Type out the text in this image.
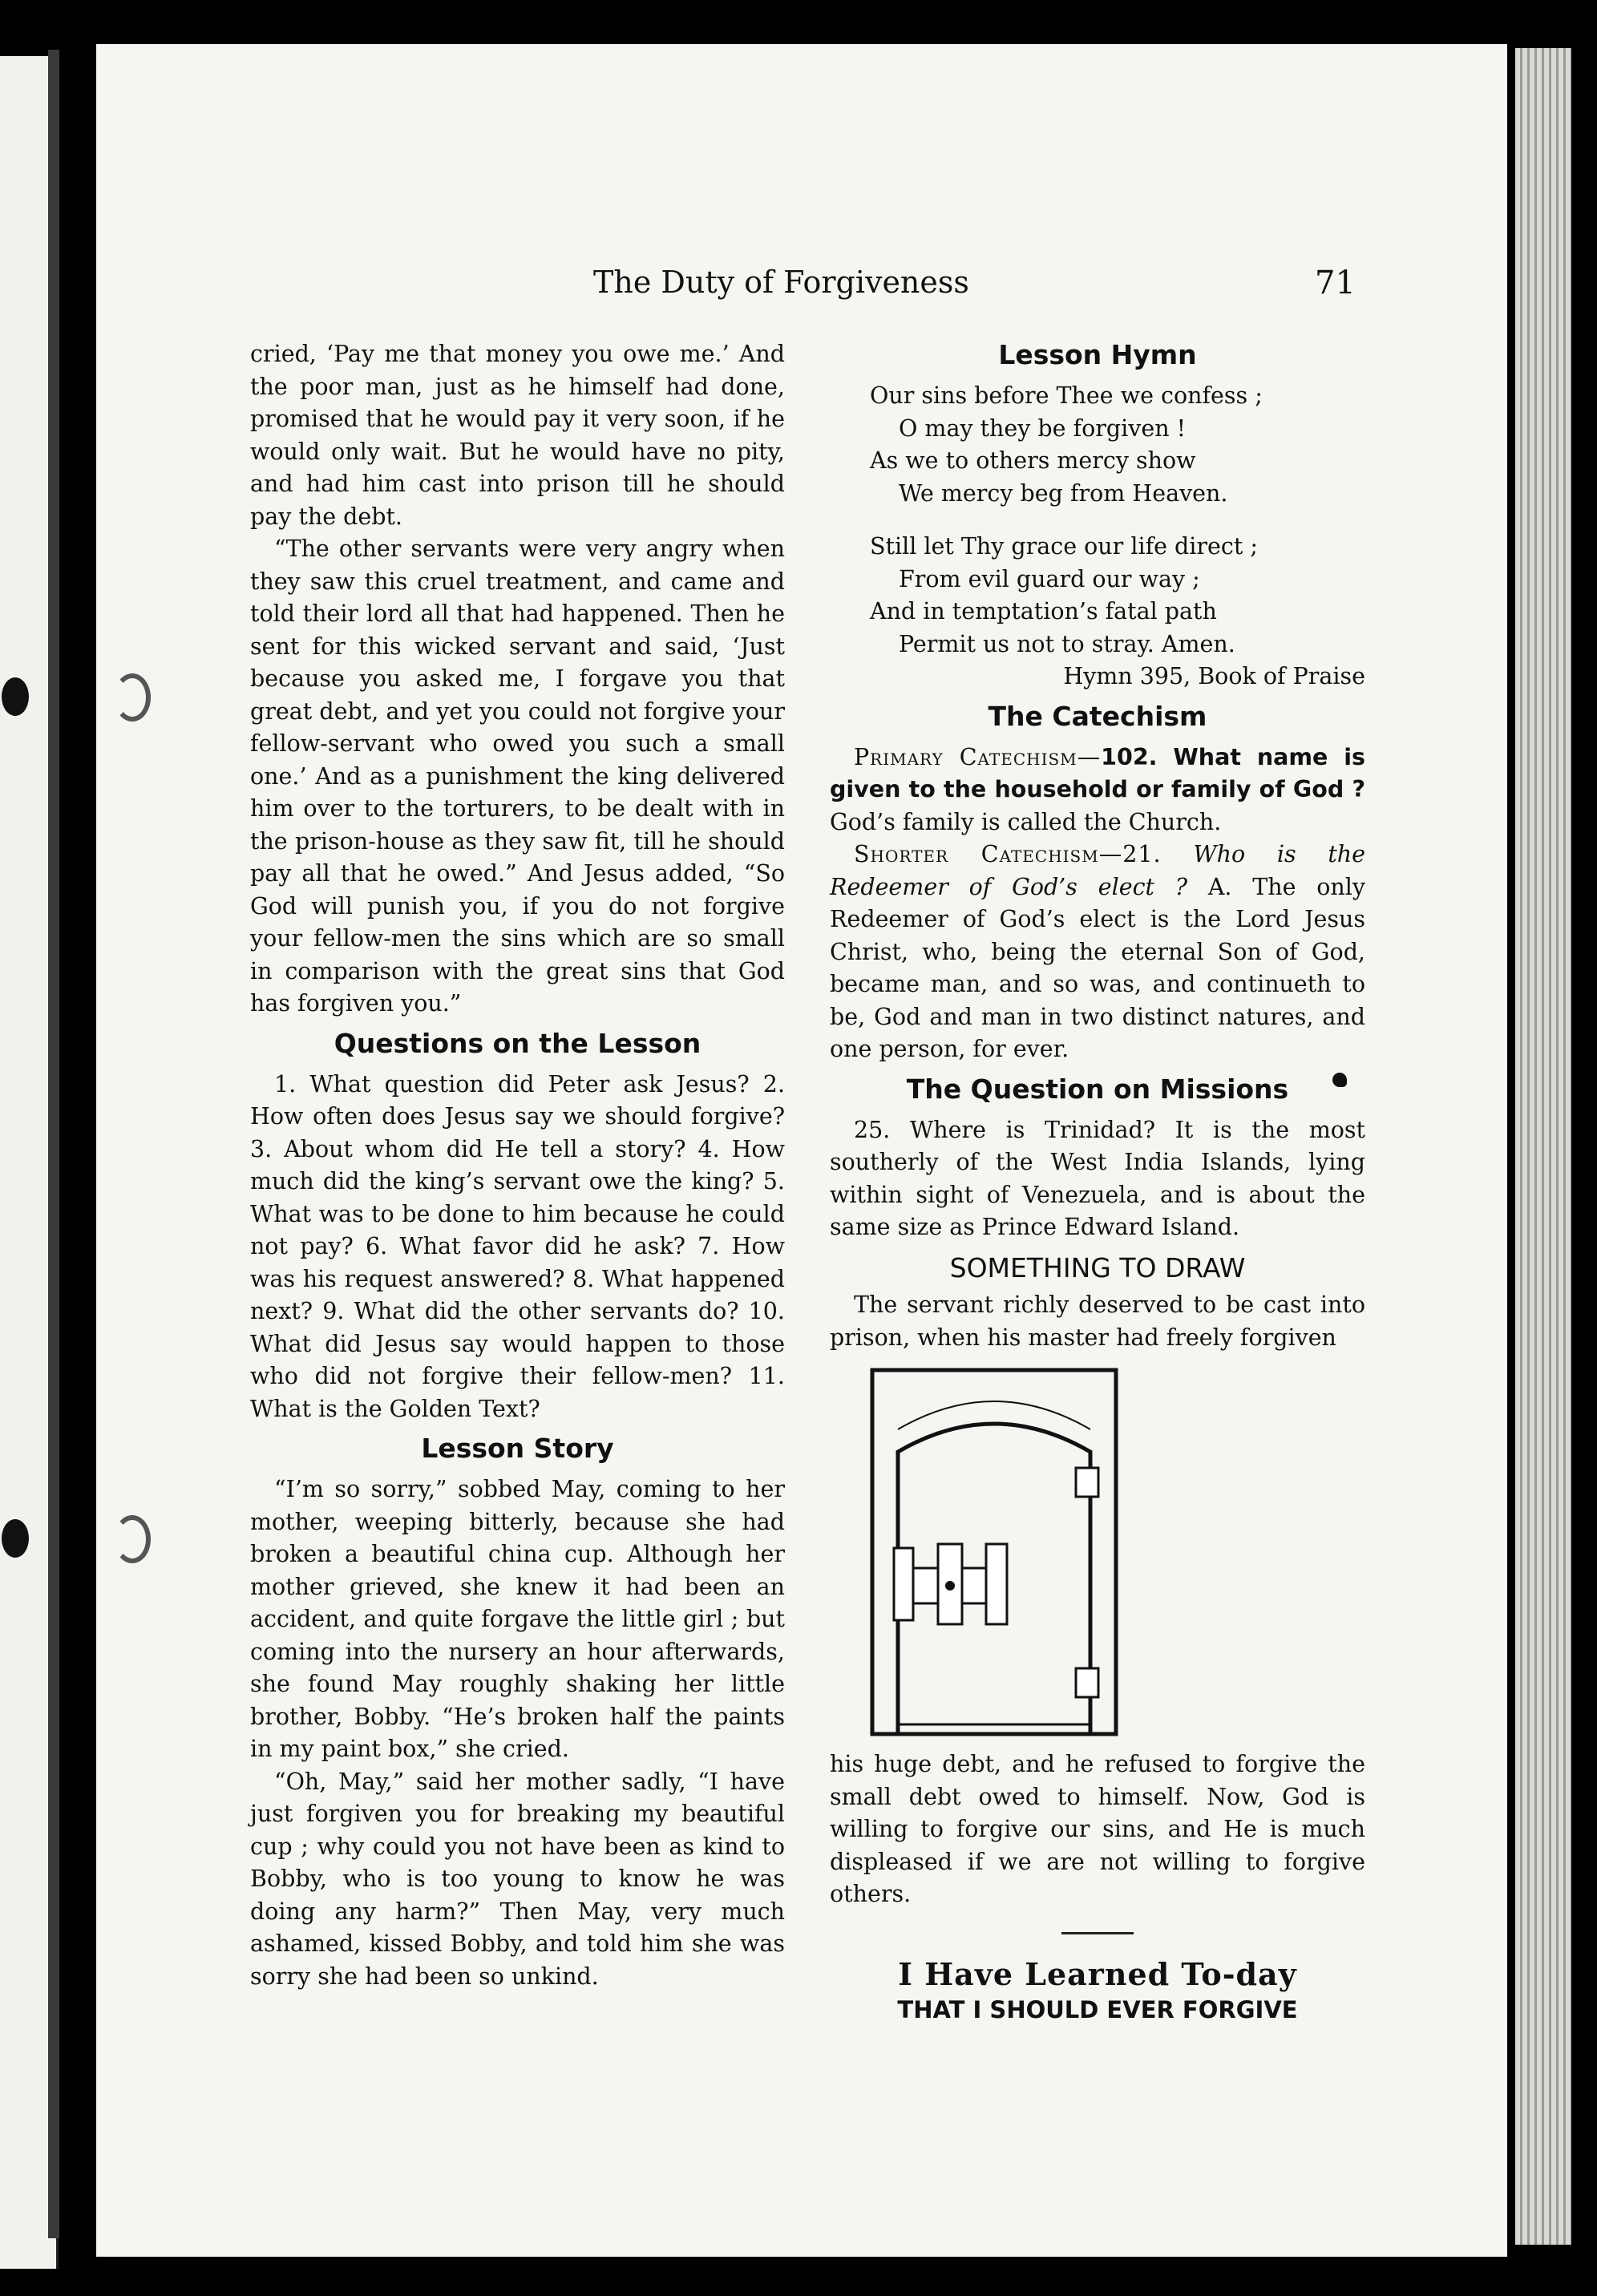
The Duty of Forgiveness	71

cried, ‘Pay me that money you owe me.’ And the poor man, just as he himself had done, promised that he would pay it very soon, if he would only wait. But he would have no pity, and had him cast into prison till he should pay the debt.

“The other servants were very angry when they saw this cruel treatment, and came and told their lord all that had happened. Then he sent for this wicked servant and said, ‘Just because you asked me, I forgave you that great debt, and yet you could not forgive your fellow-servant who owed you such a small one.’ And as a punishment the king delivered him over to the torturers, to be dealt with in the prison-house as they saw fit, till he should pay all that he owed.” And Jesus added, “So God will punish you, if you do not forgive your fellow-men the sins which are so small in comparison with the great sins that God has forgiven you.”

Questions on the Lesson

1. What question did Peter ask Jesus? 2. How often does Jesus say we should forgive? 3. About whom did He tell a story? 4. How much did the king’s servant owe the king? 5. What was to be done to him because he could not pay? 6. What favor did he ask? 7. How was his request answered? 8. What happened next? 9. What did the other servants do? 10. What did Jesus say would happen to those who did not forgive their fellow-men? 11. What is the Golden Text?

Lesson Story

“I’m so sorry,” sobbed May, coming to her mother, weeping bitterly, because she had broken a beautiful china cup. Although her mother grieved, she knew it had been an accident, and quite forgave the little girl ; but coming into the nursery an hour afterwards, she found May roughly shaking her little brother, Bobby. “He’s broken half the paints in my paint box,” she cried.

“Oh, May,” said her mother sadly, “I have just forgiven you for breaking my beautiful cup ; why could you not have been as kind to Bobby, who is too young to know he was doing any harm?” Then May, very much ashamed, kissed Bobby, and told him she was sorry she had been so unkind.

Lesson Hymn
Our sins before Thee we confess ;
O may they be forgiven !
As we to others mercy show
We mercy beg from Heaven.
Still let Thy grace our life direct ;
From evil guard our way ;
And in temptation’s fatal path
Permit us not to stray. Amen.

Hymn 395, Book of Praise

The Catechism

Primary Catechism—102. What name is given to the household or family of God ? God’s family is called the Church.

Shorter Catechism—21. Who is the Redeemer of God’s elect ? A. The only Redeemer of God’s elect is the Lord Jesus Christ, who, being the eternal Son of God, became man, and so was, and continueth to be, God and man in two distinct natures, and one person, for ever.

The Question on Missions

25. Where is Trinidad? It is the most southerly of the West India Islands, lying within sight of Venezuela, and is about the same size as Prince Edward Island.

SOMETHING TO DRAW

The servant richly deserved to be cast into prison, when his master had freely forgiven

his huge debt, and he refused to forgive the small debt owed to himself. Now, God is willing to forgive our sins, and He is much displeased if we are not willing to forgive others.

I Have Learned To-day
THAT I SHOULD EVER FORGIVE
